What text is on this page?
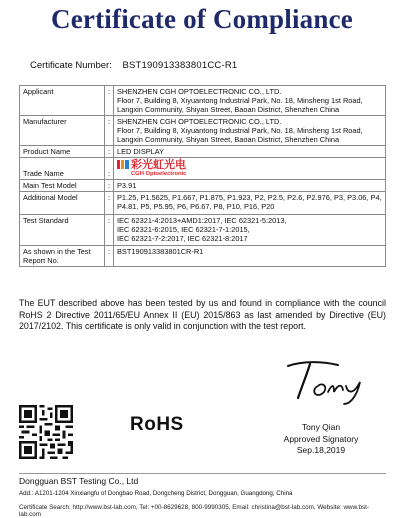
Certificate of Compliance
Certificate Number: BST190913383801CC-R1
Applicant	:	SHENZHEN CGH OPTOELECTRONIC CO., LTD.
Floor 7, Building 8, Xiyuantong Industrial Park, No. 18, Minsheng 1st Road, Langxin Community, Shiyan Street, Baoan District, Shenzhen China

Manufacturer	:	SHENZHEN CGH OPTOELECTRONIC CO., LTD.
Floor 7, Building 8, Xiyuantong Industrial Park, No. 18, Minsheng 1st Road, Langxin Community, Shiyan Street, Baoan District, Shenzhen China

Product Name	:	LED DISPLAY
Trade Name	:	彩光虹光电
CGH Optoelectronic

Main Test Model	:	P3.91
Additional Model	:	P1.25, P1.5625, P1.667, P1.875, P1.923, P2, P2.5, P2.6, P2.976, P3, P3.06, P4, P4.81, P5, P5.95, P6, P6.67, P8, P10, P16, P20
Test Standard	:	IEC 62321-4:2013+AMD1:2017, IEC 62321-5:2013,
IEC 62321-6:2015, IEC 62321-7-1:2015,
IEC 62321-7-2:2017, IEC 62321-8:2017

As shown in the Test Report No.	:	BST190913383801CR-R1
The EUT described above has been tested by us and found in compliance with the council RoHS 2 Directive 2011/65/EU Annex II (EU) 2015/863 as last amended by Directive (EU) 2017/2102. This certificate is only valid in conjunction with the test report.
RoHS	Tony Qian
Approved Signatory
Sep.18,2019
Dongguan BST Testing Co., Ltd
Add.: A1201-1204 Xinxiangfu of Dongbao Road, Dongcheng District, Dongguan, Guangdong, China
Certificate Search: http://www.bst-lab.com, Tel: +00-8629628, 800-9990305, Email: christina@bst-lab.com, Website: www.bst-lab.com
